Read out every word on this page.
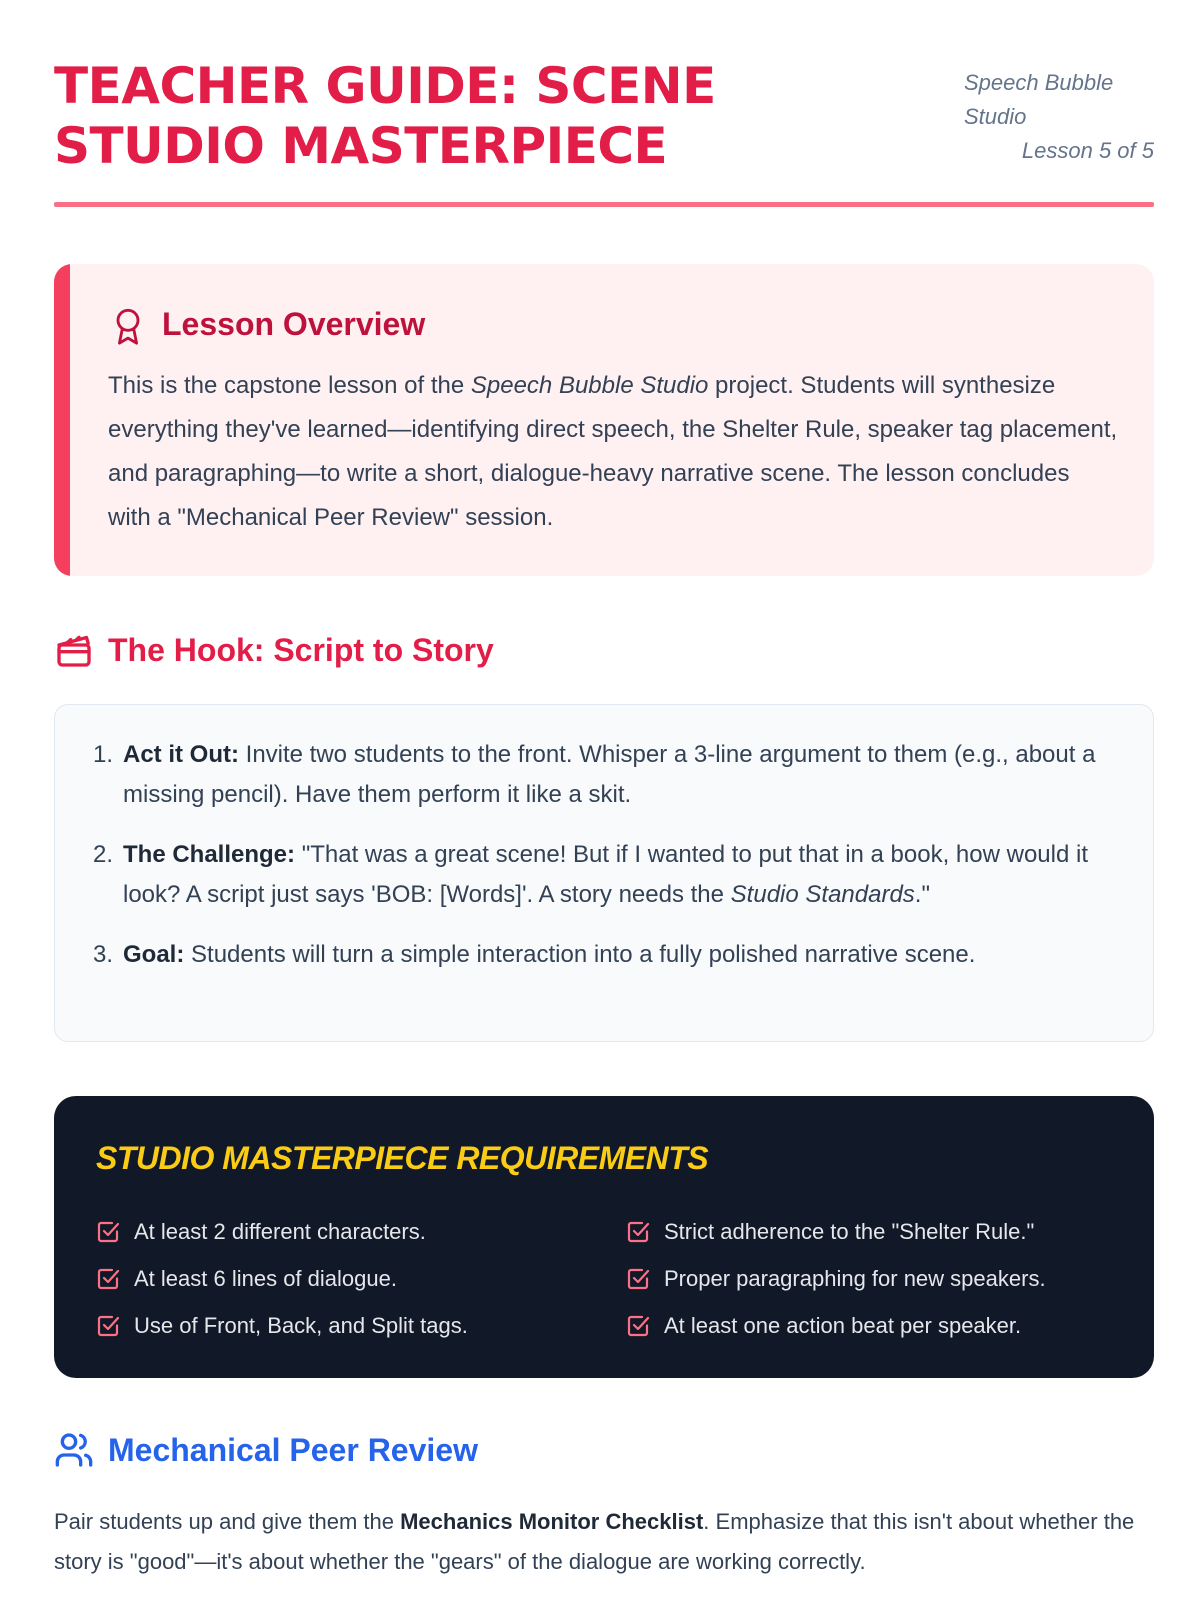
TEACHER GUIDE: SCENE STUDIO MASTERPIECE
Speech Bubble Studio
Lesson 5 of 5
Lesson Overview

This is the capstone lesson of the Speech Bubble Studio project. Students will synthesize everything they've learned—identifying direct speech, the Shelter Rule, speaker tag placement, and paragraphing—to write a short, dialogue-heavy narrative scene. The lesson concludes with a "Mechanical Peer Review" session.

The Hook: Script to Story
1. Act it Out: Invite two students to the front. Whisper a 3-line argument to them (e.g., about a missing pencil). Have them perform it like a skit.
2. The Challenge: "That was a great scene! But if I wanted to put that in a book, how would it look? A script just says 'BOB: [Words]'. A story needs the Studio Standards."
3. Goal: Students will turn a simple interaction into a fully polished narrative scene.
STUDIO MASTERPIECE REQUIREMENTS
At least 2 different characters.
At least 6 lines of dialogue.
Use of Front, Back, and Split tags.
Strict adherence to the "Shelter Rule."
Proper paragraphing for new speakers.
At least one action beat per speaker.
Mechanical Peer Review

Pair students up and give them the Mechanics Monitor Checklist. Emphasize that this isn't about whether the story is "good"—it's about whether the "gears" of the dialogue are working correctly.
